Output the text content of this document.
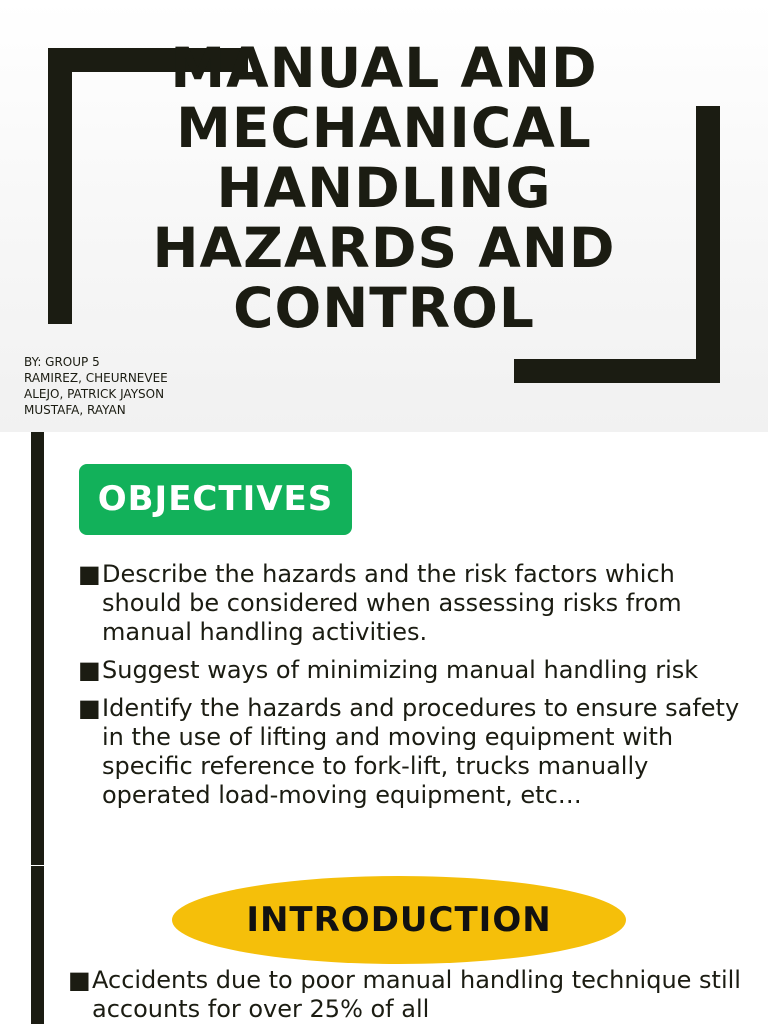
MANUAL AND
MECHANICAL
HANDLING
HAZARDS AND
CONTROL
BY: GROUP 5
RAMIREZ, CHEURNEVEE
ALEJO, PATRICK JAYSON
MUSTAFA, RAYAN
OBJECTIVES
■ Describe the hazards and the risk factors which should be considered when assessing risks from manual handling activities.
■ Suggest ways of minimizing manual handling risk
■ Identify the hazards and procedures to ensure safety in the use of lifting and moving equipment with specific reference to fork-lift, trucks manually operated load-moving equipment, etc…
INTRODUCTION
■ Accidents due to poor manual handling technique still accounts for over 25% of all
